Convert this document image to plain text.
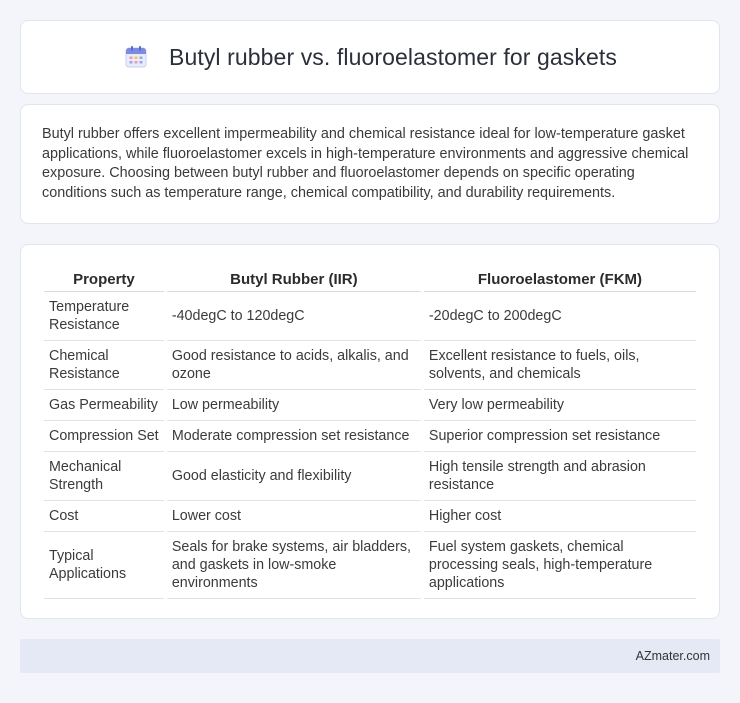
Butyl rubber vs. fluoroelastomer for gaskets

Butyl rubber offers excellent impermeability and chemical resistance ideal for low-temperature gasket applications, while fluoroelastomer excels in high-temperature environments and aggressive chemical exposure. Choosing between butyl rubber and fluoroelastomer depends on specific operating conditions such as temperature range, chemical compatibility, and durability requirements.

Property	Butyl Rubber (IIR)	Fluoroelastomer (FKM)
Temperature Resistance	-40degC to 120degC	-20degC to 200degC
Chemical Resistance	Good resistance to acids, alkalis, and ozone	Excellent resistance to fuels, oils, solvents, and chemicals
Gas Permeability	Low permeability	Very low permeability
Compression Set	Moderate compression set resistance	Superior compression set resistance
Mechanical Strength	Good elasticity and flexibility	High tensile strength and abrasion resistance
Cost	Lower cost	Higher cost
Typical Applications	Seals for brake systems, air bladders, and gaskets in low-smoke environments	Fuel system gaskets, chemical processing seals, high-temperature applications
AZmater.com
